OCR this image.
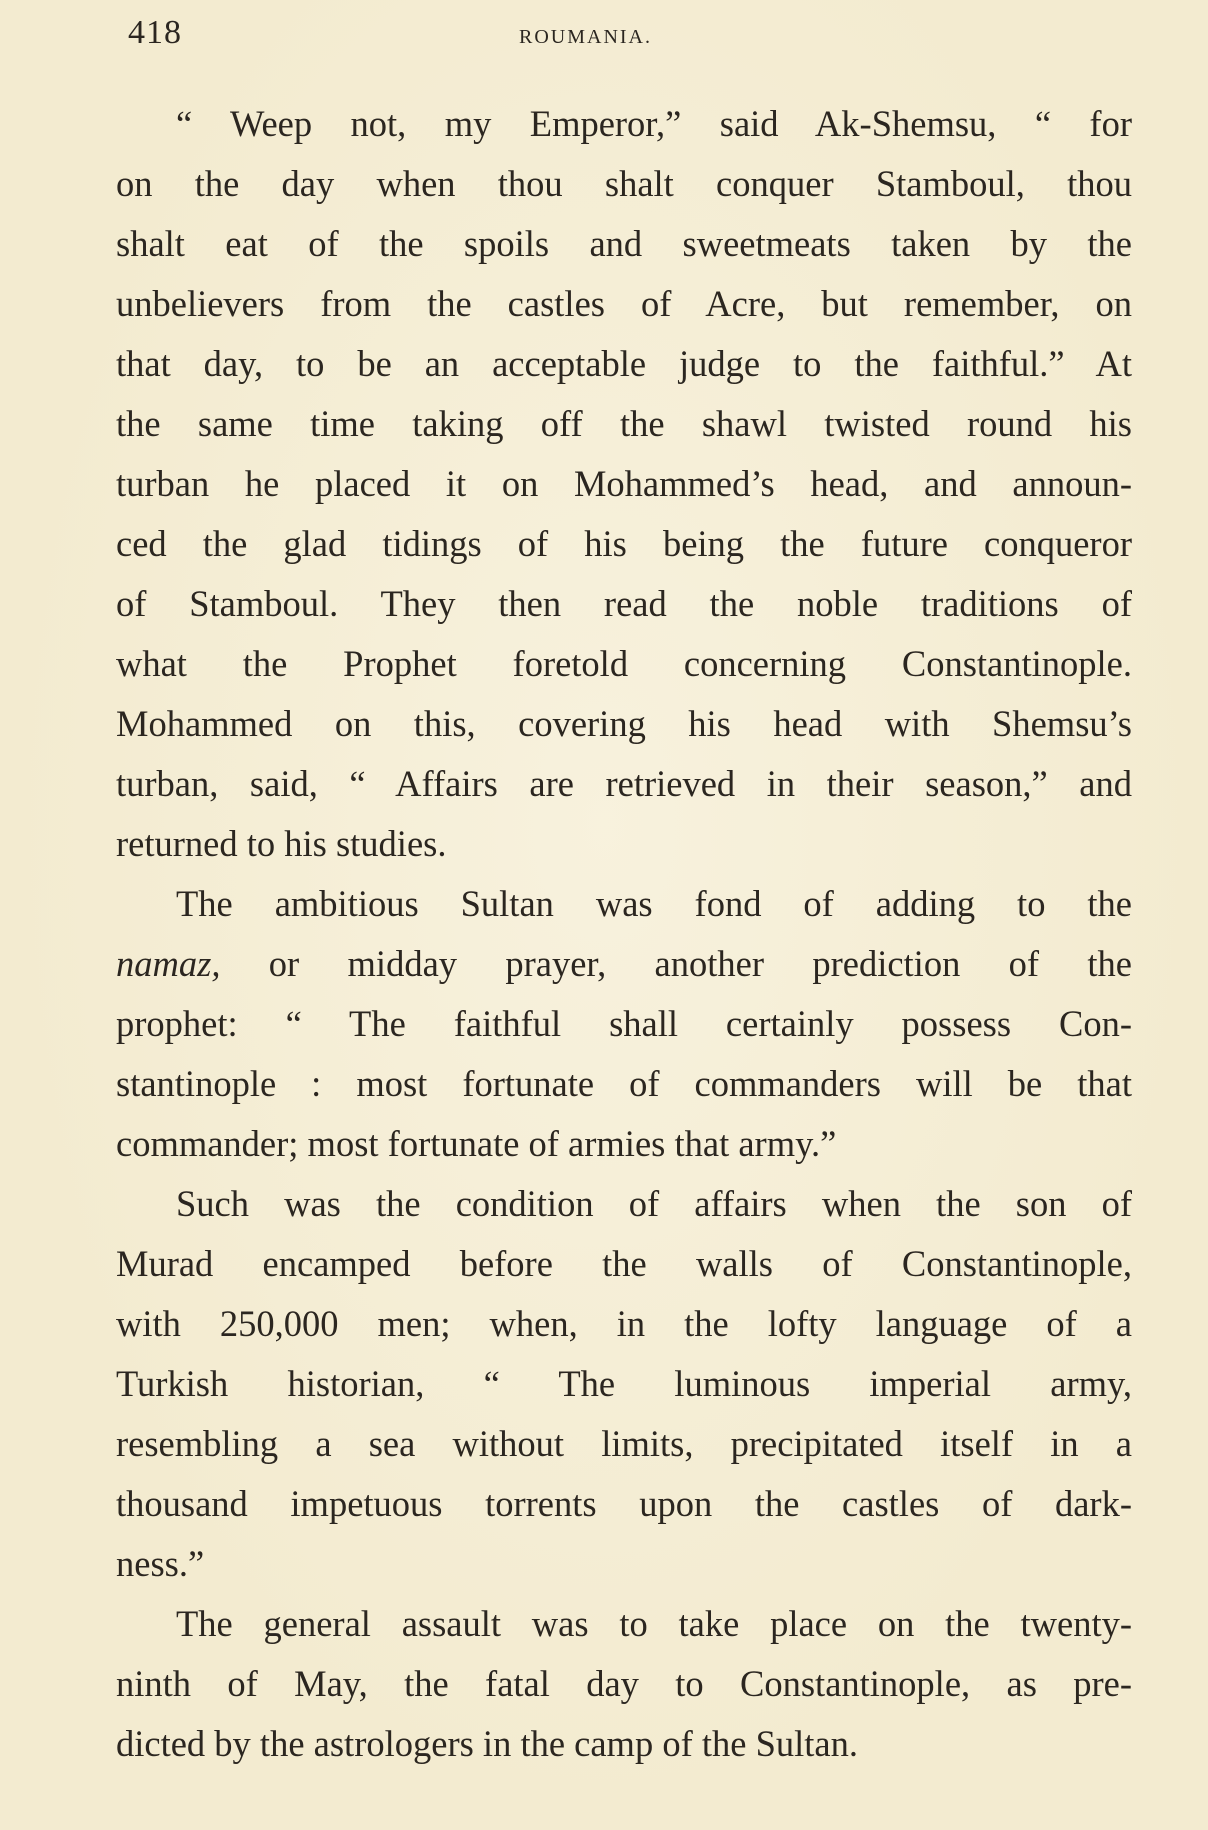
418	ROUMANIA.
“ Weep not, my Emperor,” said Ak-Shemsu, “ for
on the day when thou shalt conquer Stamboul, thou
shalt eat of the spoils and sweetmeats taken by the
unbelievers from the castles of Acre, but remember, on
that day, to be an acceptable judge to the faithful.” At
the same time taking off the shawl twisted round his
turban he placed it on Mohammed’s head, and announ-
ced the glad tidings of his being the future conqueror
of Stamboul. They then read the noble traditions of
what the Prophet foretold concerning Constantinople.
Mohammed on this, covering his head with Shemsu’s
turban, said, “ Affairs are retrieved in their season,” and
returned to his studies.
The ambitious Sultan was fond of adding to the
namaz, or midday prayer, another prediction of the
prophet: “ The faithful shall certainly possess Con-
stantinople : most fortunate of commanders will be that
commander; most fortunate of armies that army.”
Such was the condition of affairs when the son of
Murad encamped before the walls of Constantinople,
with 250,000 men; when, in the lofty language of a
Turkish historian, “ The luminous imperial army,
resembling a sea without limits, precipitated itself in a
thousand impetuous torrents upon the castles of dark-
ness.”
The general assault was to take place on the twenty-
ninth of May, the fatal day to Constantinople, as pre-
dicted by the astrologers in the camp of the Sultan.
